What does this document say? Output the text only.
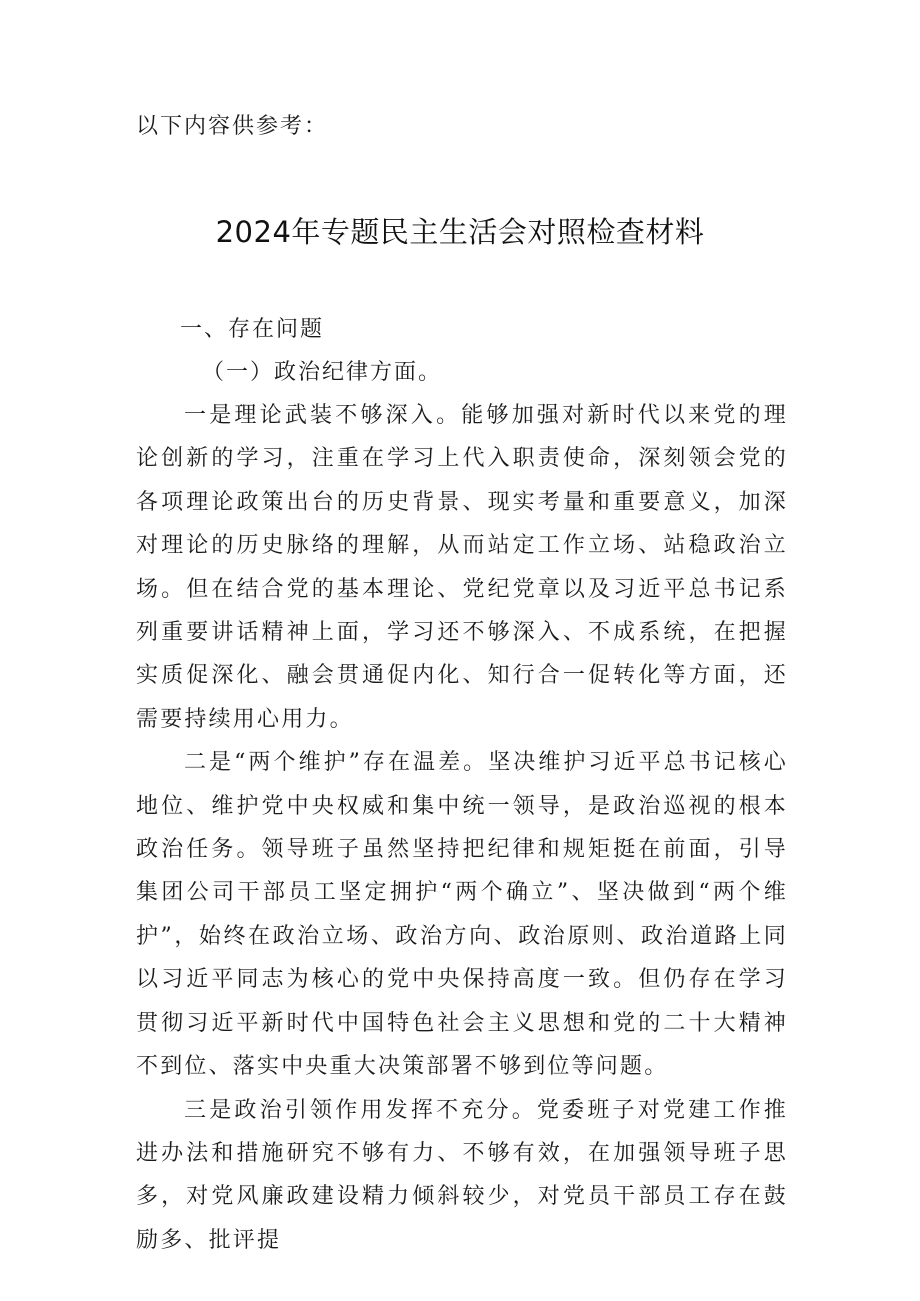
以下内容供参考：
2024年专题民主生活会对照检查材料
一、存在问题
（一）政治纪律方面。

一是理论武装不够深入。能够加强对新时代以来党的理论创新的学习，注重在学习上代入职责使命，深刻领会党的各项理论政策出台的历史背景、现实考量和重要意义，加深对理论的历史脉络的理解，从而站定工作立场、站稳政治立场。但在结合党的基本理论、党纪党章以及习近平总书记系列重要讲话精神上面，学习还不够深入、不成系统，在把握实质促深化、融会贯通促内化、知行合一促转化等方面，还需要持续用心用力。

二是“两个维护”存在温差。坚决维护习近平总书记核心地位、维护党中央权威和集中统一领导，是政治巡视的根本政治任务。领导班子虽然坚持把纪律和规矩挺在前面，引导集团公司干部员工坚定拥护“两个确立”、坚决做到“两个维护”，始终在政治立场、政治方向、政治原则、政治道路上同以习近平同志为核心的党中央保持高度一致。但仍存在学习贯彻习近平新时代中国特色社会主义思想和党的二十大精神不到位、落实中央重大决策部署不够到位等问题。

三是政治引领作用发挥不充分。党委班子对党建工作推进办法和措施研究不够有力、不够有效，在加强领导班子思多，对党风廉政建设精力倾斜较少，对党员干部员工存在鼓励多、批评提
